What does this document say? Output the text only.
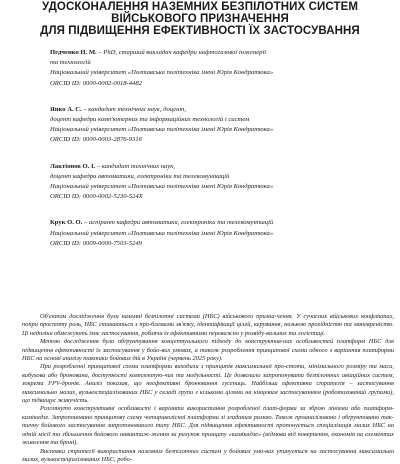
УДОСКОНАЛЕННЯ НАЗЕМНИХ БЕЗПІЛОТНИХ СИСТЕМ
ВІЙСЬКОВОГО ПРИЗНАЧЕННЯ
ДЛЯ ПІДВИЩЕННЯ ЕФЕКТИВНОСТІ ЇХ ЗАСТОСУВАННЯ
Педченко Н. М. – PhD, старший викладач кафедри нафтогазової інженерії
та технологій
Національний університет «Полтавська політехніка імені Юрія Кондратюка»
ORCID ID: 0000-0002-0018-4482
Янко А. С. – кандидат технічних наук, доцент,
доцент кафедри комп'ютерних та інформаційних технологій і систем
Національний університет «Полтавська політехніка імені Юрія Кондратюка»
ORCID ID: 0000-0003-2876-9316
Лактіонов О. І. – кандидат технічних наук,
доцент кафедри автоматики, електроніки та телекомунікацій
Національний університет «Полтавська політехніка імені Юрія Кондратюка»
ORCID ID: 0000-0002-5230-524X
Крук О. О. – аспірант кафедри автоматики, електроніки та телекомунікацій
Національний університет «Полтавська політехніка імені Юрія Кондратюка»
ORCID ID: 0009-0000-7503-5249

Об'єктом дослідження були наземні безпілотні системи (НБС) військового призна-чення. У сучасних військових конфліктах, попри простоту роль, НБС стикаються з про-блемами зв'язку, ідентифікації цілей, керування, низькою прохідністю та маневреністю. Ці недоліки обмежують їхнє застосування, роблячи їх ефективними переважно у розвіду-вальних та логістиці.

Метою дослідження було обґрунтування концептуального підходу до конструктив-них особливостей платформ НБС для підвищення ефективності їх застосування у бойо-вих умовах, а також розроблення принципової схеми одного з варіантів платформи НБС на основі аналізу тактики бойових дій в Україні (червень 2025 року).

При розробленні принципової схеми платформи виходили з принципів максимальної про-стоти, мінімального розміру та маси, вибухова або бронована, доступності комплектую-чих та модульності. Це дозволило запропонувати безпілотних авіаційних систем, зокрема FPV-дронів. Аналіз показав, що неефективні бронювання гусениць. Найбільш ефективна стратегія – застосування максимально малих, вузькоспеціалізованих НБС у складі групи з кількома цілями на кінцевим застосуванням (роботизований групами), що підвищує живучість.

Розглянуто конструктивні особливості і варіанти використання розробленої плат-форми за зброю лініями або платформ-камікадзе. Запропоновано принципову схему чотириколісної платформи зі згаданим рамою. Також проаналізовано і обґрунтовано так-тичну бойового застосування запропонованого типу НБС. Для підвищення ефективності пропонується спеціалізація малих НБС на одній місії та збільшення бойового навантаж-ження за рахунок принципу «камікадзе» (відмова від повернення, економія на елементах живлення та броні).

Висновки стратегії використання наземних безпілотних систем у бойових умо-вах упинується на застосування максимально малих, вузькоспеціалізованих НБС, робо-
